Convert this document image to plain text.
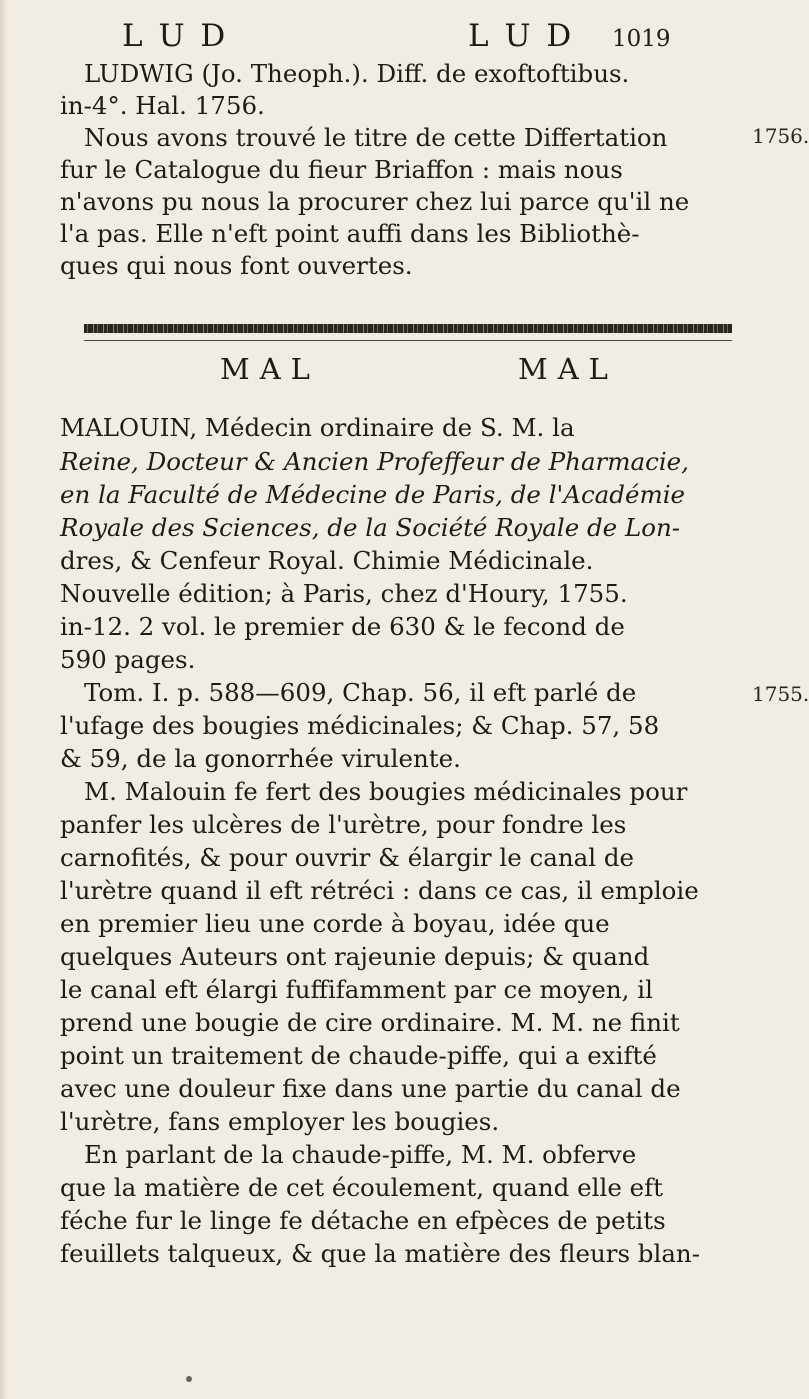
L U D	L U D 1019
LUDWIG (Jo. Theoph.). Diff. de exoftoftibus.
in-4°. Hal. 1756.
Nous avons trouvé le titre de cette Differtation
fur le Catalogue du fieur Briaffon : mais nous
n'avons pu nous la procurer chez lui parce qu'il ne
l'a pas. Elle n'eft point auffi dans les Bibliothè-
ques qui nous font ouvertes.
1756.
MAL	MAL
MALOUIN, Médecin ordinaire de S. M. la
Reine, Docteur & Ancien Profeffeur de Pharmacie,
en la Faculté de Médecine de Paris, de l'Académie
Royale des Sciences, de la Société Royale de Lon-
dres, & Cenfeur Royal. Chimie Médicinale.
Nouvelle édition; à Paris, chez d'Houry, 1755.
in-12. 2 vol. le premier de 630 & le fecond de
590 pages.
Tom. I. p. 588—609, Chap. 56, il eft parlé de
l'ufage des bougies médicinales; & Chap. 57, 58
& 59, de la gonorrhée virulente.
M. Malouin fe fert des bougies médicinales pour
panfer les ulcères de l'urètre, pour fondre les
carnofités, & pour ouvrir & élargir le canal de
l'urètre quand il eft rétréci : dans ce cas, il emploie
en premier lieu une corde à boyau, idée que
quelques Auteurs ont rajeunie depuis; & quand
le canal eft élargi fuffifamment par ce moyen, il
prend une bougie de cire ordinaire. M. M. ne finit
point un traitement de chaude-piffe, qui a exifté
avec une douleur fixe dans une partie du canal de
l'urètre, fans employer les bougies.
En parlant de la chaude-piffe, M. M. obferve
que la matière de cet écoulement, quand elle eft
féche fur le linge fe détache en efpèces de petits
feuillets talqueux, & que la matière des fleurs blan-
1755.
